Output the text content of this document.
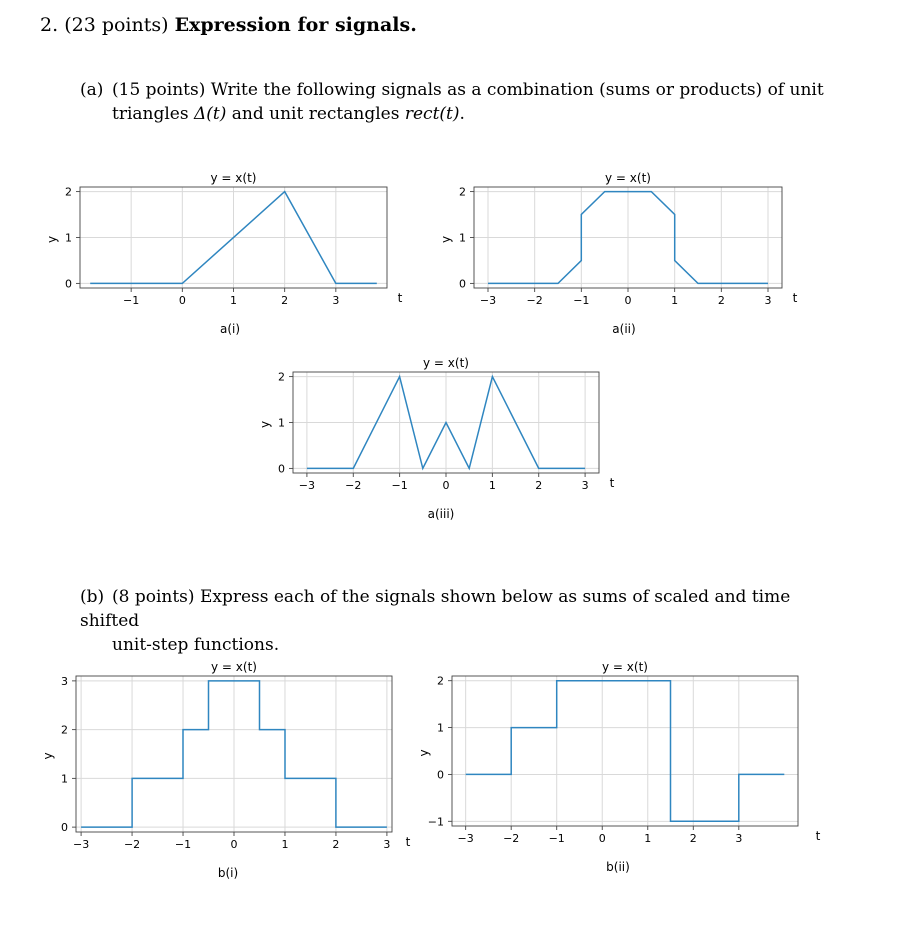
2. (23 points) Expression for signals.
(a) (15 points) Write the following signals as a combination (sums or products) of unit
triangles Δ(t) and unit rectangles rect(t).
(b) (8 points) Express each of the signals shown below as sums of scaled and time shifted
unit-step functions.
−1	0	1	2	3
0
1
2
y = x(t)
y
t
a(i)
−3	−2	−1	0	1	2	3
0
1
2
y = x(t)
y
t
a(ii)
−3	−2	−1	0	1	2	3
0
1
2
y = x(t)
y
t
a(iii)
−3	−2	−1	0	1	2	3
0
1
2
3
y = x(t)
y
t
b(i)
−3	−2	−1	0	1	2	3
−1
0
1
2
y = x(t)
y
t
b(ii)
